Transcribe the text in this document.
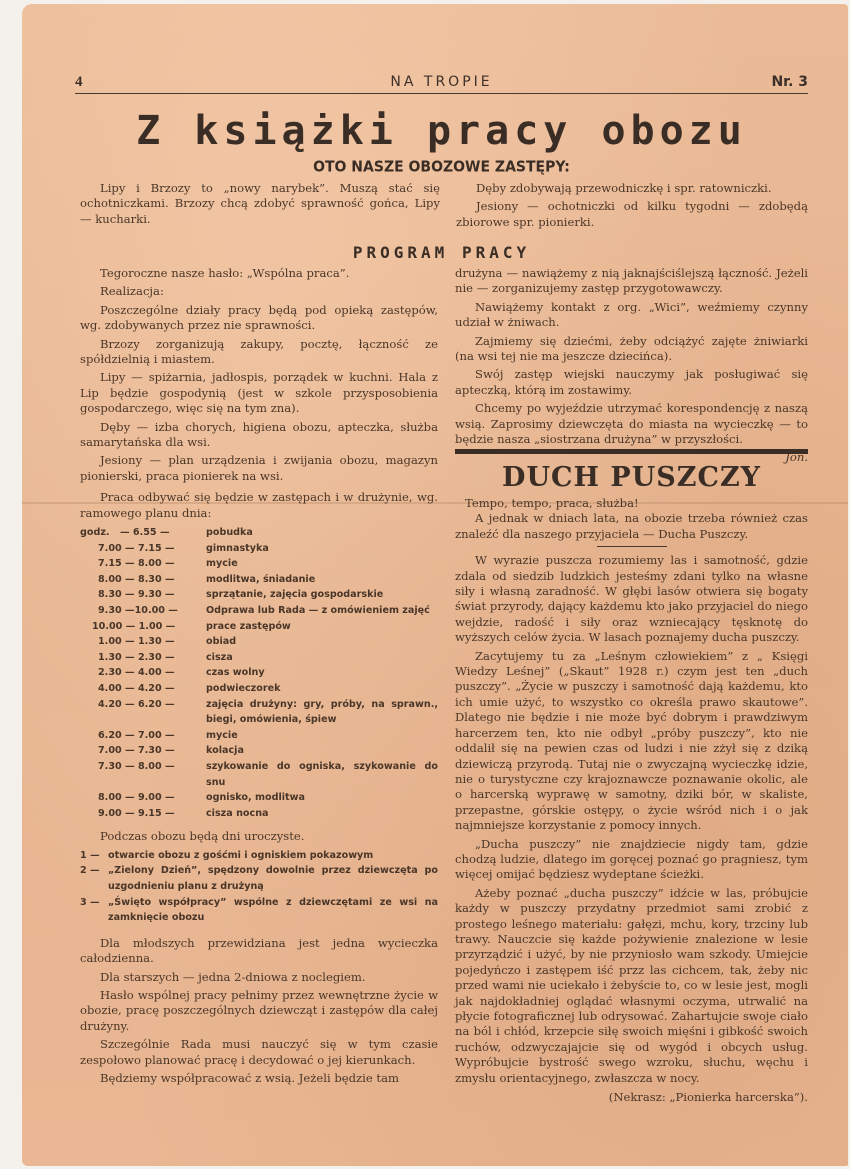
4	NA TROPIE	Nr. 3
Z książki pracy obozu
OTO NASZE OBOZOWE ZASTĘPY:

Lipy i Brzozy to „nowy narybek”. Muszą stać się ochotniczkami. Brzozy chcą zdobyć sprawność gońca, Lipy — kucharki.

Dęby zdobywają przewodniczkę i spr. ratowniczki.

Jesiony — ochotniczki od kilku tygodni — zdobędą zbiorowe spr. pionierki.

PROGRAM PRACY

Tegoroczne nasze hasło: „Wspólna praca”.

Realizacja:

Poszczególne działy pracy będą pod opieką zastępów, wg. zdobywanych przez nie sprawności.

Brzozy zorganizują zakupy, pocztę, łączność ze spółdzielnią i miastem.

Lipy — spiżarnia, jadłospis, porządek w kuchni. Hala z Lip będzie gospodynią (jest w szkole przysposobienia gospodarczego, więc się na tym zna).

Dęby — izba chorych, higiena obozu, apteczka, służba samarytańska dla wsi.

Jesiony — plan urządzenia i zwijania obozu, magazyn pionierski, praca pionierek na wsi.

Praca odbywać się będzie w zastępach i w drużynie, wg. ramowego planu dnia:

godz. — 6.55 —	pobudka
7.00 — 7.15 —	gimnastyka
7.15 — 8.00 —	mycie
8.00 — 8.30 —	modlitwa, śniadanie
8.30 — 9.30 —	sprzątanie, zajęcia gospodarskie
9.30 —10.00 —	Odprawa lub Rada — z omówieniem zajęć
10.00 — 1.00 —	prace zastępów
1.00 — 1.30 —	obiad
1.30 — 2.30 —	cisza
2.30 — 4.00 —	czas wolny
4.00 — 4.20 —	podwieczorek
4.20 — 6.20 —	zajęcia drużyny: gry, próby, na sprawn., biegi, omówienia, śpiew
6.20 — 7.00 —	mycie
7.00 — 7.30 —	kolacja
7.30 — 8.00 —	szykowanie do ogniska, szykowanie do snu
8.00 — 9.00 —	ognisko, modlitwa
9.00 — 9.15 —	cisza nocna

Podczas obozu będą dni uroczyste.

1 — otwarcie obozu z gośćmi i ogniskiem pokazowym
2 — „Zielony Dzień”, spędzony dowolnie przez dziewczęta po uzgodnieniu planu z drużyną
3 — „Święto współpracy” wspólne z dziewczętami ze wsi na zamknięcie obozu

Dla młodszych przewidziana jest jedna wycieczka całodzienna.

Dla starszych — jedna 2-dniowa z noclegiem.

Hasło wspólnej pracy pełnimy przez wewnętrzne życie w obozie, pracę poszczególnych dziewcząt i zastępów dla całej drużyny.

Szczególnie Rada musi nauczyć się w tym czasie zespołowo planować pracę i decydować o jej kierunkach.

Będziemy współpracować z wsią. Jeżeli będzie tam

drużyna — nawiążemy z nią jaknajściślejszą łączność. Jeżeli nie — zorganizujemy zastęp przygotowawczy.

Nawiążemy kontakt z org. „Wici”, weźmiemy czynny udział w żniwach.

Zajmiemy się dziećmi, żeby odciążyć zajęte żniwiarki (na wsi tej nie ma jeszcze dziecińca).

Swój zastęp wiejski nauczymy jak posługiwać się apteczką, którą im zostawimy.

Chcemy po wyjeździe utrzymać korespondencję z naszą wsią. Zaprosimy dziewczęta do miasta na wycieczkę — to będzie nasza „siostrzana drużyna” w przyszłości.

Jon.
DUCH PUSZCZY

Tempo, tempo, praca, służba!

A jednak w dniach lata, na obozie trzeba również czas znaleźć dla naszego przyjaciela — Ducha Puszczy.

W wyrazie puszcza rozumiemy las i samotność, gdzie zdala od siedzib ludzkich jesteśmy zdani tylko na własne siły i własną zaradność. W głębi lasów otwiera się bogaty świat przyrody, dający każdemu kto jako przyjaciel do niego wejdzie, radość i siły oraz wzniecający tęsknotę do wyższych celów życia. W lasach poznajemy ducha puszczy.

Zacytujemy tu za „Leśnym człowiekiem” z „ Księgi Wiedzy Leśnej” („Skaut” 1928 r.) czym jest ten „duch puszczy”. „Życie w puszczy i samotność dają każdemu, kto ich umie użyć, to wszystko co określa prawo skautowe”. Dlatego nie będzie i nie może być dobrym i prawdziwym harcerzem ten, kto nie odbył „próby puszczy”, kto nie oddalił się na pewien czas od ludzi i nie zżył się z dziką dziewiczą przyrodą. Tutaj nie o zwyczajną wycieczkę idzie, nie o turystyczne czy krajoznawcze poznawanie okolic, ale o harcerską wyprawę w samotny, dziki bór, w skaliste, przepastne, górskie ostępy, o życie wśród nich i o jak najmniejsze korzystanie z pomocy innych.

„Ducha puszczy” nie znajdziecie nigdy tam, gdzie chodzą ludzie, dlatego im goręcej poznać go pragniesz, tym więcej omijać będziesz wydeptane ścieżki.

Ażeby poznać „ducha puszczy” idźcie w las, próbujcie każdy w puszczy przydatny przedmiot sami zrobić z prostego leśnego materiału: gałęzi, mchu, kory, trzciny lub trawy. Nauczcie się każde pożywienie znalezione w lesie przyrządzić i użyć, by nie przyniosło wam szkody. Umiejcie pojedyńczo i zastępem iść przz las cichcem, tak, żeby nic przed wami nie uciekało i żebyście to, co w lesie jest, mogli jak najdokładniej oglądać własnymi oczyma, utrwalić na płycie fotograficznej lub odrysować. Zahartujcie swoje ciało na ból i chłód, krzepcie siłę swoich mięśni i gibkość swoich ruchów, odzwyczajajcie się od wygód i obcych usług. Wypróbujcie bystrość swego wzroku, słuchu, węchu i zmysłu orientacyjnego, zwłaszcza w nocy.

(Nekrasz: „Pionierka harcerska”).
